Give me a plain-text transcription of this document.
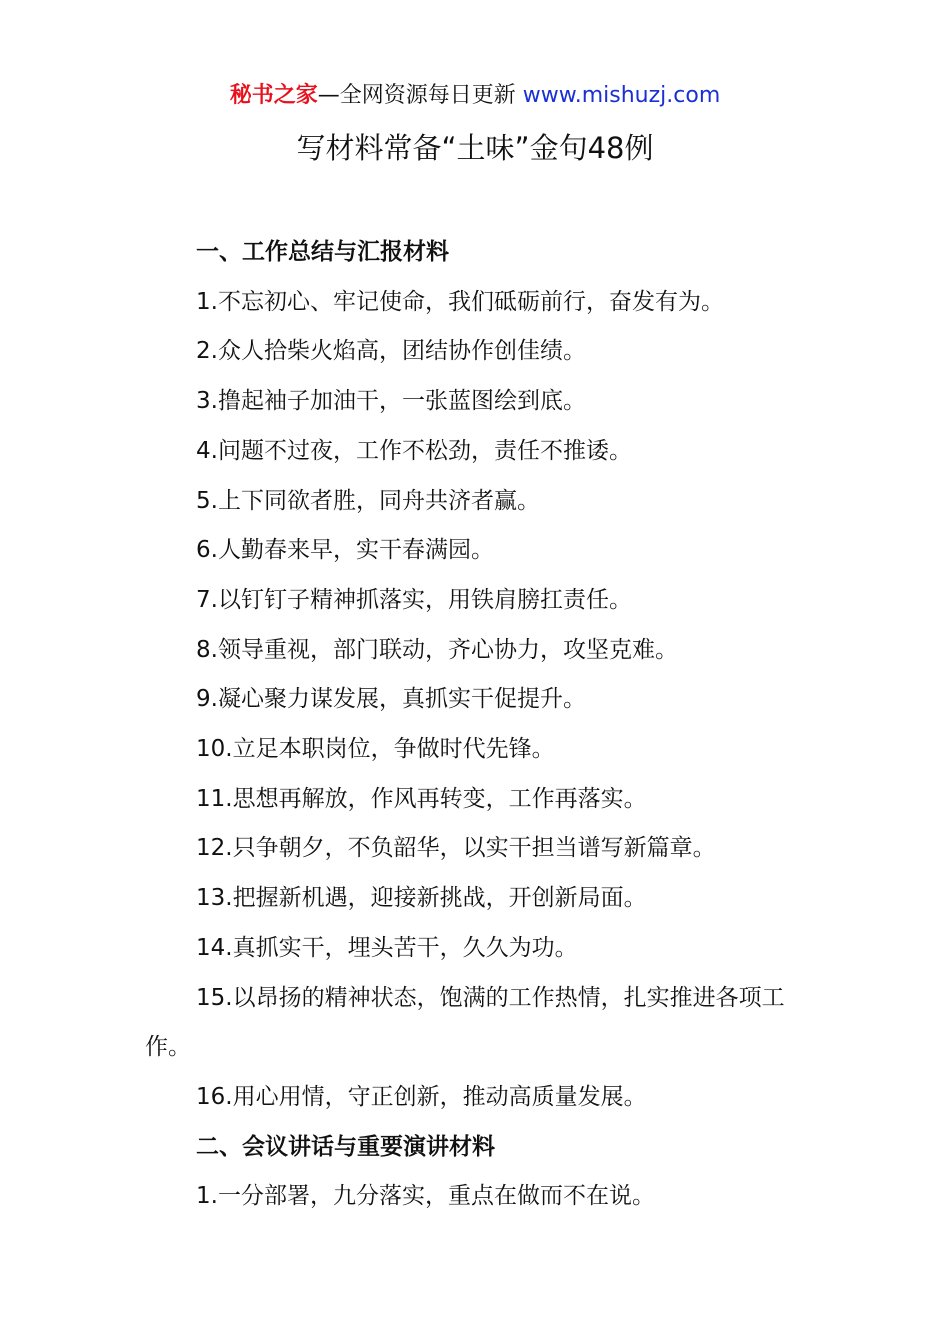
秘书之家—全网资源每日更新 www.mishuzj.com
写材料常备“土味”金句48例

一、工作总结与汇报材料

1.不忘初心、牢记使命，我们砥砺前行，奋发有为。

2.众人拾柴火焰高，团结协作创佳绩。

3.撸起袖子加油干，一张蓝图绘到底。

4.问题不过夜，工作不松劲，责任不推诿。

5.上下同欲者胜，同舟共济者赢。

6.人勤春来早，实干春满园。

7.以钉钉子精神抓落实，用铁肩膀扛责任。

8.领导重视，部门联动，齐心协力，攻坚克难。

9.凝心聚力谋发展，真抓实干促提升。

10.立足本职岗位，争做时代先锋。

11.思想再解放，作风再转变，工作再落实。

12.只争朝夕，不负韶华，以实干担当谱写新篇章。

13.把握新机遇，迎接新挑战，开创新局面。

14.真抓实干，埋头苦干，久久为功。

15.以昂扬的精神状态，饱满的工作热情，扎实推进各项工作。

16.用心用情，守正创新，推动高质量发展。

二、会议讲话与重要演讲材料

1.一分部署，九分落实，重点在做而不在说。
